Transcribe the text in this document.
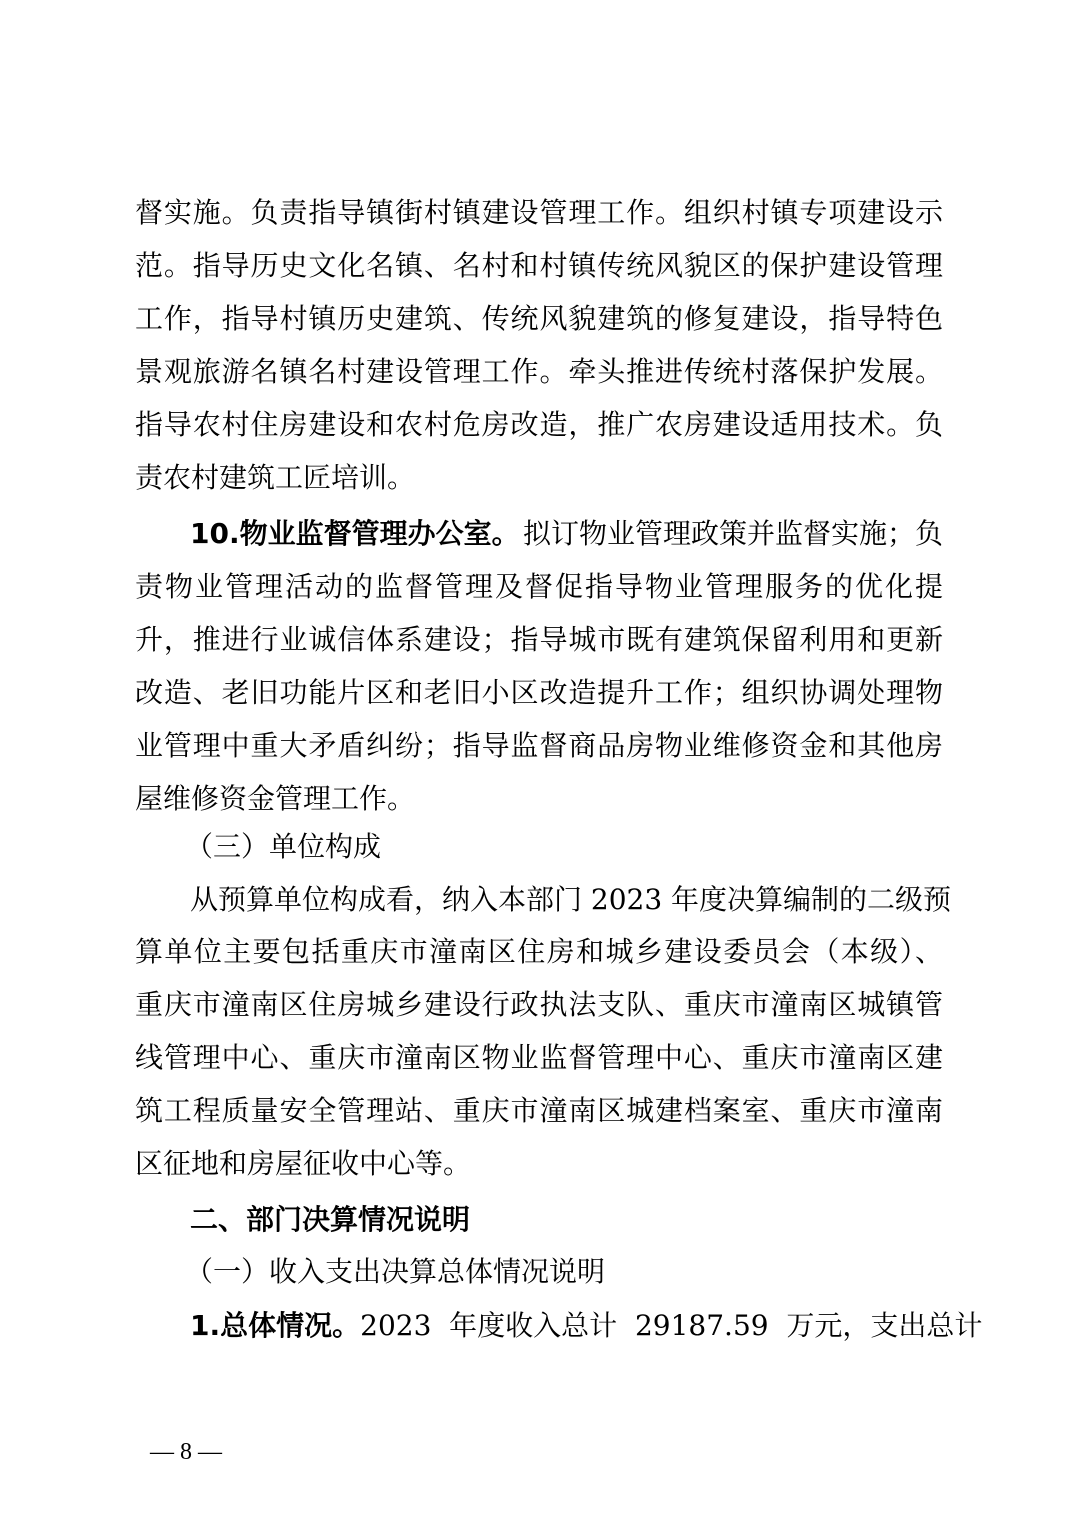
督实施。负责指导镇街村镇建设管理工作。组织村镇专项建设示
范。指导历史文化名镇、名村和村镇传统风貌区的保护建设管理
工作，指导村镇历史建筑、传统风貌建筑的修复建设，指导特色
景观旅游名镇名村建设管理工作。牵头推进传统村落保护发展。
指导农村住房建设和农村危房改造，推广农房建设适用技术。负
责农村建筑工匠培训。
10.物业监督管理办公室。 拟订物业管理政策并监督实施；负
责物业管理活动的监督管理及督促指导物业管理服务的优化提
升，推进行业诚信体系建设；指导城市既有建筑保留利用和更新
改造、老旧功能片区和老旧小区改造提升工作；组织协调处理物
业管理中重大矛盾纠纷；指导监督商品房物业维修资金和其他房
屋维修资金管理工作。
（三）单位构成
从预算单位构成看，纳入本部门 2023 年度决算编制的二级预
算单位主要包括重庆市潼南区住房和城乡建设委员会（本级）、
重庆市潼南区住房城乡建设行政执法支队、重庆市潼南区城镇管
线管理中心、重庆市潼南区物业监督管理中心、重庆市潼南区建
筑工程质量安全管理站、重庆市潼南区城建档案室、重庆市潼南
区征地和房屋征收中心等。
二、部门决算情况说明
（一）收入支出决算总体情况说明
1.总体情况。 2023  年度收入总计  29187.59  万元，支出总计
— 8 —
